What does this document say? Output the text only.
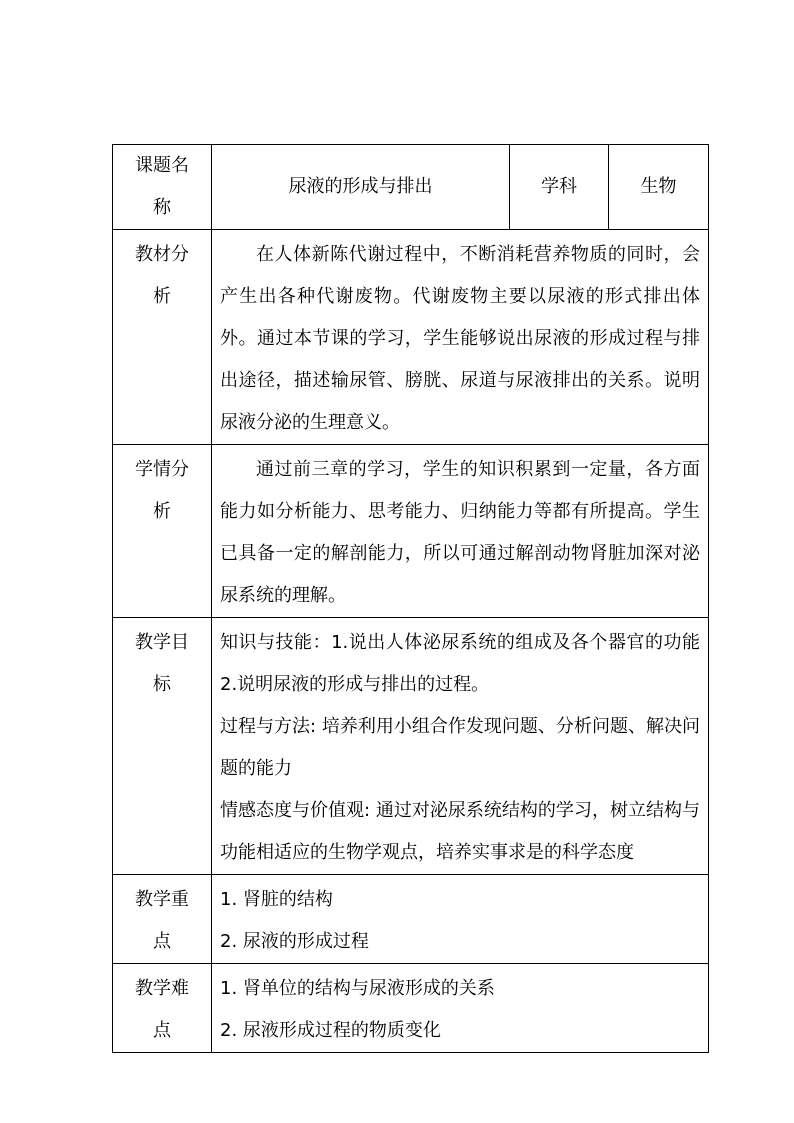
课题名称	尿液的形成与排出	学科	生物

教材分析	在人体新陈代谢过程中，不断消耗营养物质的同时，会产生出各种代谢废物。代谢废物主要以尿液的形式排出体外。通过本节课的学习，学生能够说出尿液的形成过程与排出途径，描述输尿管、膀胱、尿道与尿液排出的关系。说明尿液分泌的生理意义。		

学情分析	通过前三章的学习，学生的知识积累到一定量，各方面能力如分析能力、思考能力、归纳能力等都有所提高。学生已具备一定的解剖能力，所以可通过解剖动物肾脏加深对泌尿系统的理解。		

教学目标	知识与技能：1.说出人体泌尿系统的组成及各个器官的功能 2.说明尿液的形成与排出的过程。
过程与方法: 培养利用小组合作发现问题、分析问题、解决问题的能力
情感态度与价值观: 通过对泌尿系统结构的学习，树立结构与功能相适应的生物学观点，培养实事求是的科学态度		

教学重点	1. 肾脏的结构
2. 尿液的形成过程		

教学难点	1. 肾单位的结构与尿液形成的关系
2. 尿液形成过程的物质变化		
